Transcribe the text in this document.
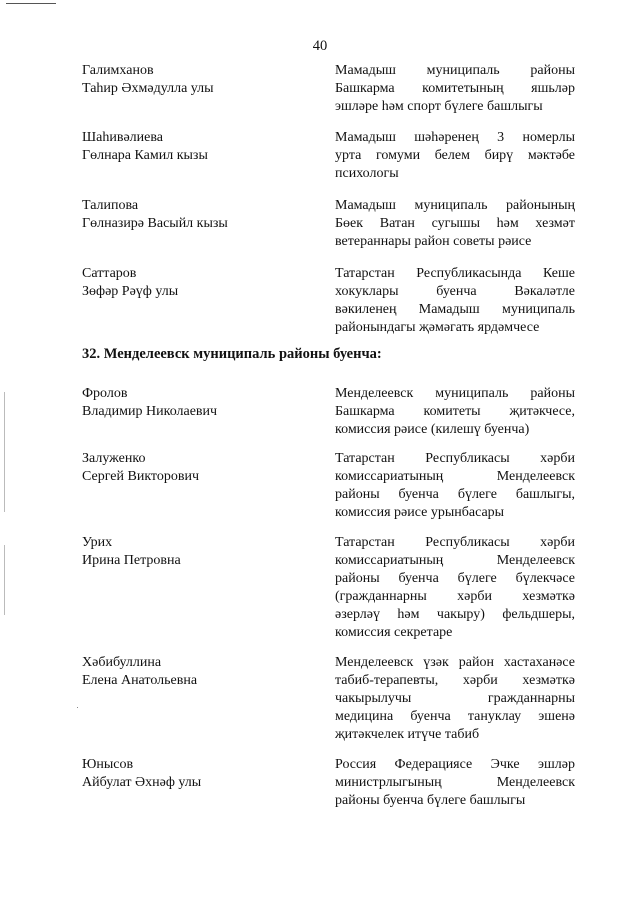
40
Галимханов
Таһир Әхмәдулла улы
Мамадыш муниципаль районы
Башкарма комитетының яшьләр
эшләре һәм спорт бүлеге башлыгы
Шаһивәлиева
Гөлнара Камил кызы
Мамадыш шәһәренең 3 номерлы
урта гомуми белем бирү мәктәбе
психологы
Талипова
Гөлназирә Васыйл кызы
Мамадыш муниципаль районының
Бөек Ватан сугышы һәм хезмәт
ветераннары район советы рәисе
Саттаров
Зөфәр Рәүф улы
Татарстан Республикасында Кеше
хокуклары буенча Вәкаләтле
вәкиленең Мамадыш муниципаль
районындагы җәмәгать ярдәмчесе
32. Менделеевск муниципаль районы буенча:
Фролов
Владимир Николаевич
Менделеевск муниципаль районы
Башкарма комитеты җитәкчесе,
комиссия рәисе (килешү буенча)
Залуженко
Сергей Викторович
Татарстан Республикасы хәрби
комиссариатының Менделеевск
районы буенча бүлеге башлыгы,
комиссия рәисе урынбасары
Урих
Ирина Петровна
Татарстан Республикасы хәрби
комиссариатының Менделеевск
районы буенча бүлеге бүлекчәсе
(гражданнарны хәрби хезмәткә
әзерләү һәм чакыру) фельдшеры,
комиссия секретаре
Хәбибуллина
Елена Анатольевна
Менделеевск үзәк район хастаханәсе
табиб-терапевты, хәрби хезмәткә
чакырылучы гражданнарны
медицина буенча тануклау эшенә
җитәкчелек итүче табиб
Юнысов
Айбулат Әхнәф улы
Россия Федерациясе Эчке эшләр
министрлыгының Менделеевск
районы буенча бүлеге башлыгы
